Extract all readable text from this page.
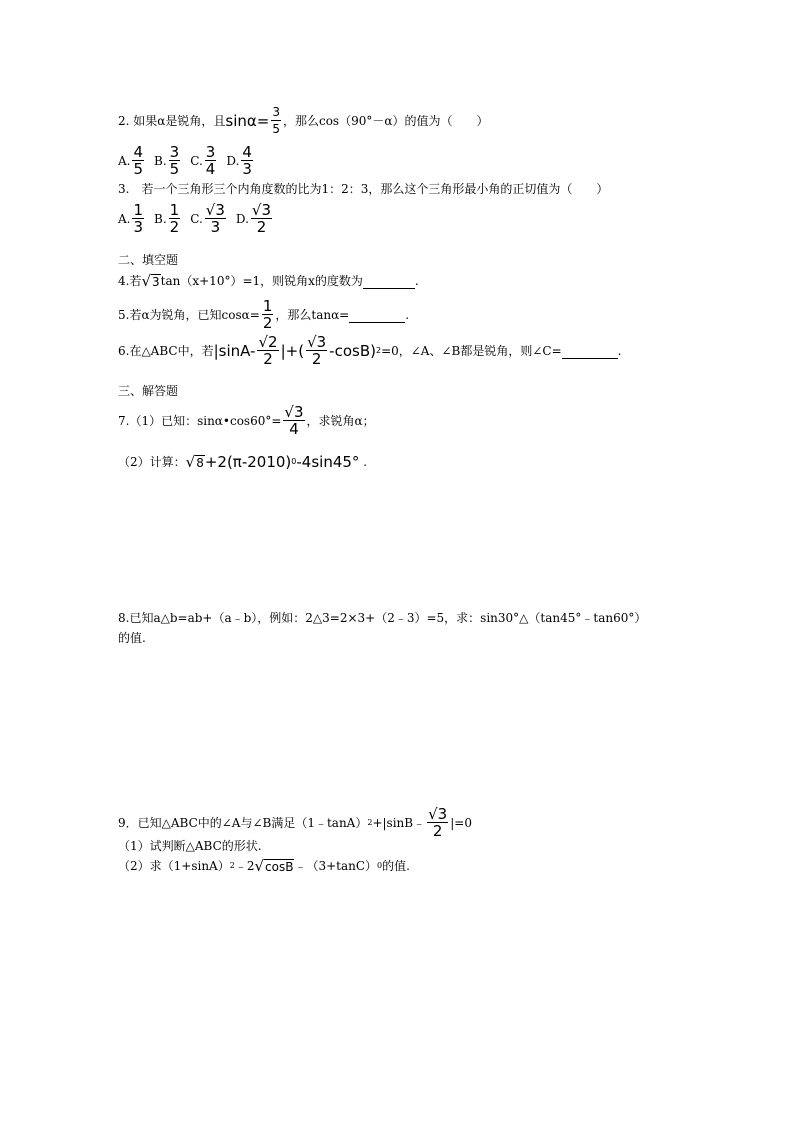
2.
如果α是锐角，且 $\sin\alpha= \frac{3}{5}$ ，那么cos（90°－α）的值为（　　）
A. $\frac{4}{5} B$. $\frac{3}{5} C$. $\frac{3}{4} D$. $\frac{4}{3}$
3.　若一个三角形三个内角度数的比为1：2：3，那么这个三角形最小角的正切值为（　　）
A. $\frac{1}{3} B$. $\frac{1}{2} C$. $\frac{√3}{3} D$. $\frac{√3}{2}$
二、填空题
4.若 √ 3 tan（x+10°）=1，则锐角x的度数为
	.
5.若α为锐角，已知$\cos\alpha= \frac{1}{2}$ ，那么tanα=
	.
6.在△ABC中，若 $|\sin A- \frac{√2}{2}$ |+( $\frac{√3}{2} -\cos B$) 2 =0，∠A、∠B都是锐角，则∠C=
	.
三、解答题
7.（1）已知：sinα•cos60°= $\frac{√3}{4}$ ，求锐角α；
（2）计算： √ 8 +2(π-2010) 0 -4sin45°
.
8.已知a△b=ab+（a﹣b），例如：2△3=2×3+（2﹣3）=5，求：sin30°△（tan45°﹣tan60°）
的值.
9．已知△ABC中的∠A与∠B满足（1﹣tanA） 2 +|sinB﹣ $\frac{√3}{2} |=0$
（1）试判断△ABC的形状.
（2）求（1+sinA） 2 ﹣2 √ cosB ﹣（3+tanC） 0 的值.
